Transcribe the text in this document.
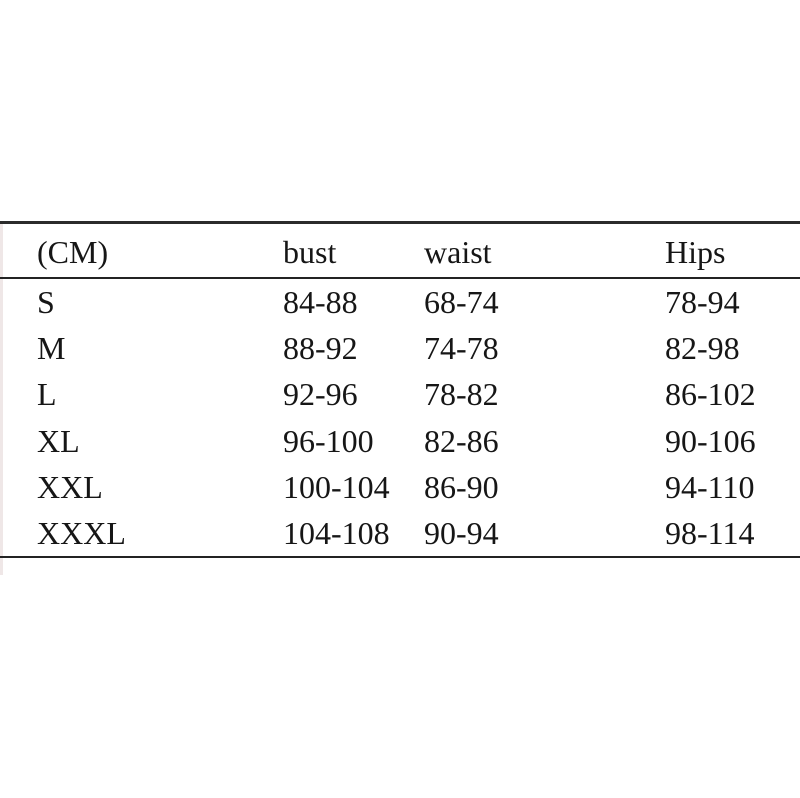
(CM)	bust	waist	Hips
S	84-88	68-74	78-94
M	88-92	74-78	82-98
L	92-96	78-82	86-102
XL	96-100	82-86	90-106
XXL	100-104	86-90	94-110
XXXL	104-108	90-94	98-114
